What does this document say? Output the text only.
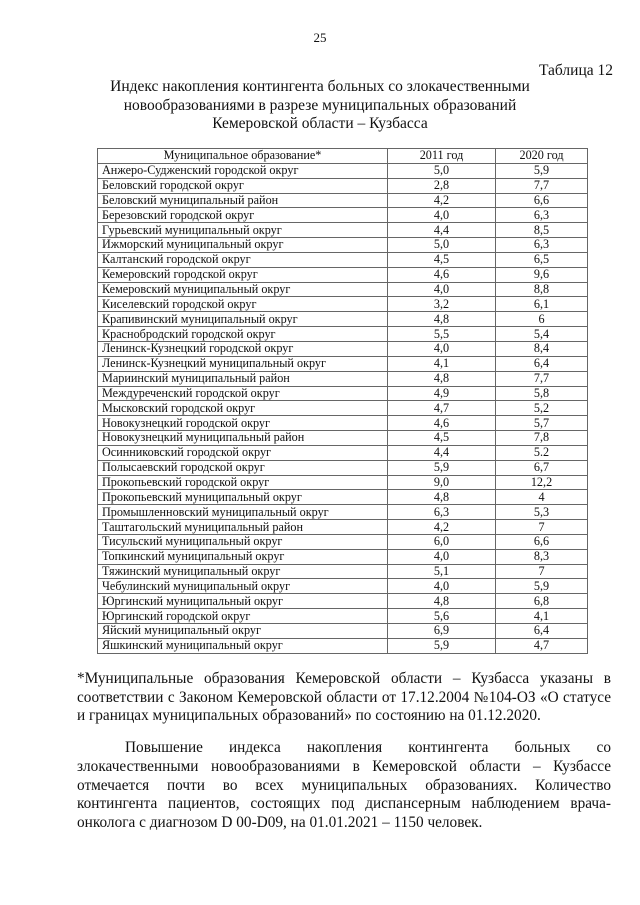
25
Таблица 12
Индекс накопления контингента больных со злокачественными
новообразованиями в разрезе муниципальных образований
Кемеровской области – Кузбасса
Муниципальное образование*	2011 год	2020 год
Анжеро-Судженский городской округ	5,0	5,9
Беловский городской округ	2,8	7,7
Беловский муниципальный район	4,2	6,6
Березовский городской округ	4,0	6,3
Гурьевский муниципальный округ	4,4	8,5
Ижморский муниципальный округ	5,0	6,3
Калтанский городской округ	4,5	6,5
Кемеровский городской округ	4,6	9,6
Кемеровский муниципальный округ	4,0	8,8
Киселевский городской округ	3,2	6,1
Крапивинский муниципальный округ	4,8	6
Краснобродский городской округ	5,5	5,4
Ленинск-Кузнецкий городской округ	4,0	8,4
Ленинск-Кузнецкий муниципальный округ	4,1	6,4
Мариинский муниципальный район	4,8	7,7
Междуреченский городской округ	4,9	5,8
Мысковский городской округ	4,7	5,2
Новокузнецкий городской округ	4,6	5,7
Новокузнецкий муниципальный район	4,5	7,8
Осинниковский городской округ	4,4	5.2
Полысаевский городской округ	5,9	6,7
Прокопьевский городской округ	9,0	12,2
Прокопьевский муниципальный округ	4,8	4
Промышленновский муниципальный округ	6,3	5,3
Таштагольский муниципальный район	4,2	7
Тисульский муниципальный округ	6,0	6,6
Топкинский муниципальный округ	4,0	8,3
Тяжинский муниципальный округ	5,1	7
Чебулинский муниципальный округ	4,0	5,9
Юргинский муниципальный округ	4,8	6,8
Юргинский городской округ	5,6	4,1
Яйский муниципальный округ	6,9	6,4
Яшкинский муниципальный округ	5,9	4,7
*Муниципальные образования Кемеровской области – Кузбасса указаны в соответствии с Законом Кемеровской области от 17.12.2004 №104-ОЗ «О статусе и границах муниципальных образований» по состоянию на 01.12.2020.
Повышение индекса накопления контингента больных со злокачественными новообразованиями в Кемеровской области – Кузбассе отмечается почти во всех муниципальных образованиях. Количество контингента пациентов, состоящих под диспансерным наблюдением врача-онколога с диагнозом D 00-D09, на 01.01.2021 – 1150 человек.
